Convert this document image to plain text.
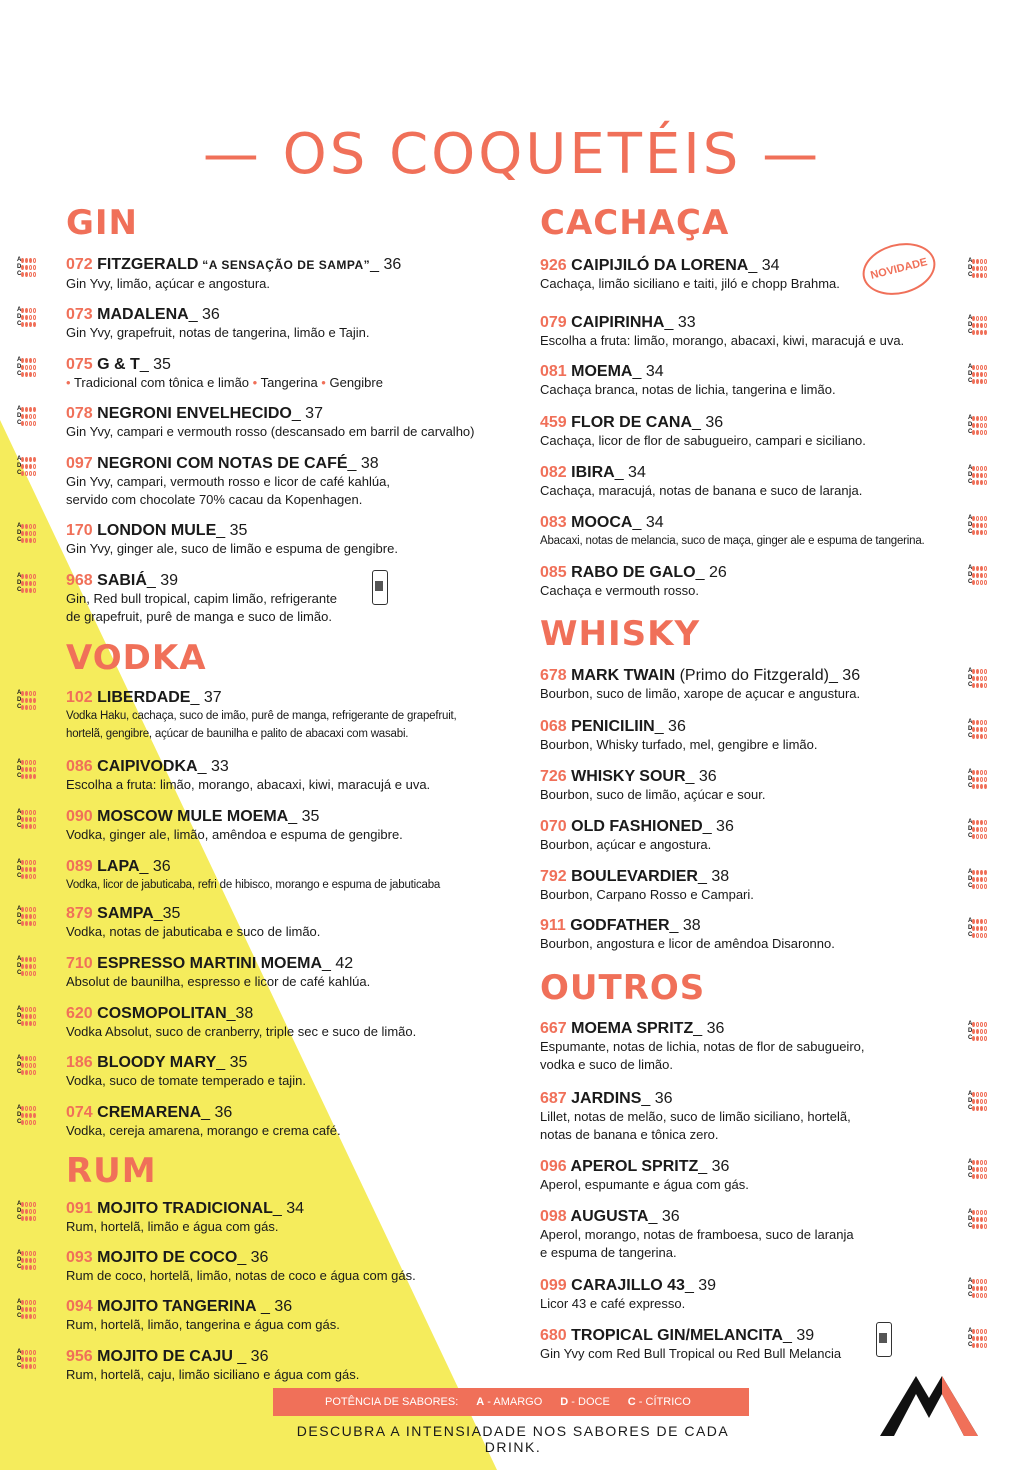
— OS COQUETÉIS —
GIN
072 FITZGERALD “A SENSAÇÃO DE SAMPA”_ 36
Gin Yvy, limão, açúcar e angostura.
A
D
C
073 MADALENA_ 36
Gin Yvy, grapefruit, notas de tangerina, limão e Tajin.
A
D
C
075 G & T_ 35
• Tradicional com tônica e limão • Tangerina • Gengibre
A
D
C
078 NEGRONI ENVELHECIDO_ 37
Gin Yvy, campari e vermouth rosso (descansado em barril de carvalho)
A
D
C
097 NEGRONI COM NOTAS DE CAFÉ_ 38
Gin Yvy, campari, vermouth rosso e licor de café kahlúa,
servido com chocolate 70% cacau da Kopenhagen.
A
D
C
170 LONDON MULE_ 35
Gin Yvy, ginger ale, suco de limão e espuma de gengibre.
A
D
C
968 SABIÁ_ 39
Gin, Red bull tropical, capim limão, refrigerante
de grapefruit, purê de manga e suco de limão.
A
D
C
VODKA
102 LIBERDADE_ 37
Vodka Haku, cachaça, suco de imão, purê de manga, refrigerante de grapefruit,
hortelã, gengibre, açúcar de baunilha e palito de abacaxi com wasabi.
A
D
C
086 CAIPIVODKA_ 33
Escolha a fruta: limão, morango, abacaxi, kiwi, maracujá e uva.
A
D
C
090 MOSCOW MULE MOEMA_ 35
Vodka, ginger ale, limão, amêndoa e espuma de gengibre.
A
D
C
089 LAPA_ 36
Vodka, licor de jabuticaba, refri de hibisco, morango e espuma de jabuticaba
A
D
C
879 SAMPA_35
Vodka, notas de jabuticaba e suco de limão.
A
D
C
710 ESPRESSO MARTINI MOEMA_ 42
Absolut de baunilha, espresso e licor de café kahlúa.
A
D
C
620 COSMOPOLITAN_38
Vodka Absolut, suco de cranberry, triple sec e suco de limão.
A
D
C
186 BLOODY MARY_ 35
Vodka, suco de tomate temperado e tajin.
A
D
C
074 CREMARENA_ 36
Vodka, cereja amarena, morango e crema café.
A
D
C
RUM
091 MOJITO TRADICIONAL_ 34
Rum, hortelã, limão e água com gás.
A
D
C
093 MOJITO DE COCO_ 36
Rum de coco, hortelã, limão, notas de coco e água com gás.
A
D
C
094 MOJITO TANGERINA _ 36
Rum, hortelã, limão, tangerina e água com gás.
A
D
C
956 MOJITO DE CAJU _ 36
Rum, hortelã, caju, limão siciliano e água com gás.
A
D
C
CACHAÇA
926 CAIPIJILÓ DA LORENA_ 34
Cachaça, limão siciliano e taiti, jiló e chopp Brahma.
A
D
C
NOVIDADE
079 CAIPIRINHA_ 33
Escolha a fruta: limão, morango, abacaxi, kiwi, maracujá e uva.
A
D
C
081 MOEMA_ 34
Cachaça branca, notas de lichia, tangerina e limão.
A
D
C
459 FLOR DE CANA_ 36
Cachaça, licor de flor de sabugueiro, campari e siciliano.
A
D
C
082 IBIRA_ 34
Cachaça, maracujá, notas de banana e suco de laranja.
A
D
C
083 MOOCA_ 34
Abacaxi, notas de melancia, suco de maça, ginger ale e espuma de tangerina.
A
D
C
085 RABO DE GALO_ 26
Cachaça e vermouth rosso.
A
D
C
WHISKY
678 MARK TWAIN (Primo do Fitzgerald)_ 36
Bourbon, suco de limão, xarope de açucar e angustura.
A
D
C
068 PENICILIIN_ 36
Bourbon, Whisky turfado, mel, gengibre e limão.
A
D
C
726 WHISKY SOUR_ 36
Bourbon, suco de limão, açúcar e sour.
A
D
C
070 OLD FASHIONED_ 36
Bourbon, açúcar e angostura.
A
D
C
792 BOULEVARDIER_ 38
Bourbon, Carpano Rosso e Campari.
A
D
C
911 GODFATHER_ 38
Bourbon, angostura e licor de amêndoa Disaronno.
A
D
C
OUTROS
667 MOEMA SPRITZ_ 36
Espumante, notas de lichia, notas de flor de sabugueiro,
vodka e suco de limão.
A
D
C
687 JARDINS_ 36
Lillet, notas de melão, suco de limão siciliano, hortelã,
notas de banana e tônica zero.
A
D
C
096 APEROL SPRITZ_ 36
Aperol, espumante e água com gás.
A
D
C
098 AUGUSTA_ 36
Aperol, morango, notas de framboesa, suco de laranja
e espuma de tangerina.
A
D
C
099 CARAJILLO 43_ 39
Licor 43 e café expresso.
A
D
C
680 TROPICAL GIN/MELANCITA_ 39
Gin Yvy com Red Bull Tropical ou Red Bull Melancia
A
D
C
POTÊNCIA DE SABORES: A - AMARGO D - DOCE C - CÍTRICO
DESCUBRA A INTENSIADADE NOS SABORES DE CADA DRINK.
